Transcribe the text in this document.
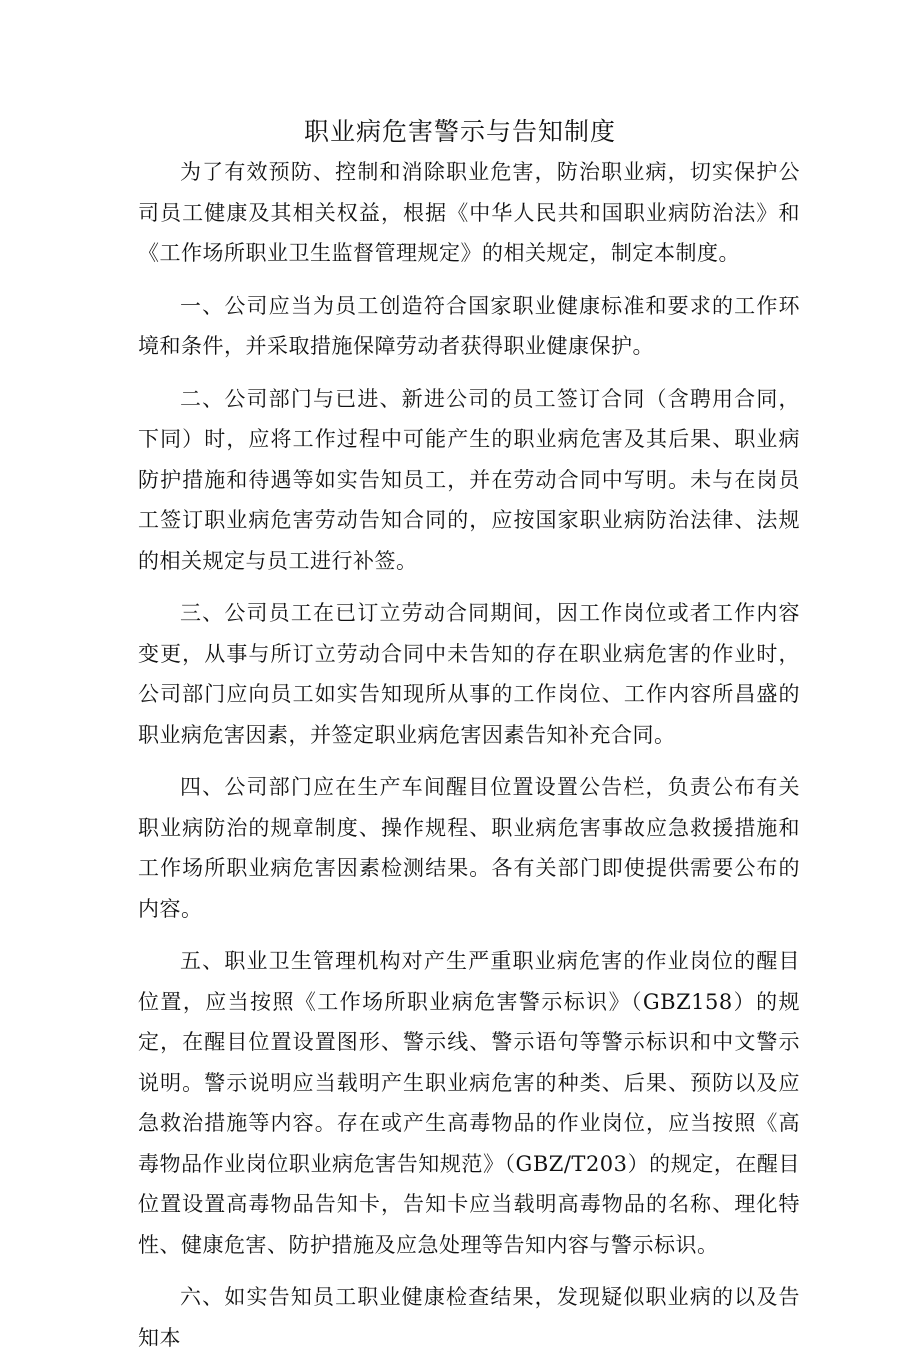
职业病危害警示与告知制度

为了有效预防、控制和消除职业危害，防治职业病，切实保护公司员工健康及其相关权益，根据《中华人民共和国职业病防治法》和《工作场所职业卫生监督管理规定》的相关规定，制定本制度。

一、公司应当为员工创造符合国家职业健康标准和要求的工作环境和条件，并采取措施保障劳动者获得职业健康保护。

二、公司部门与已进、新进公司的员工签订合同（含聘用合同，下同）时，应将工作过程中可能产生的职业病危害及其后果、职业病防护措施和待遇等如实告知员工，并在劳动合同中写明。未与在岗员工签订职业病危害劳动告知合同的，应按国家职业病防治法律、法规的相关规定与员工进行补签。

三、公司员工在已订立劳动合同期间，因工作岗位或者工作内容变更，从事与所订立劳动合同中未告知的存在职业病危害的作业时，公司部门应向员工如实告知现所从事的工作岗位、工作内容所昌盛的职业病危害因素，并签定职业病危害因素告知补充合同。

四、公司部门应在生产车间醒目位置设置公告栏，负责公布有关职业病防治的规章制度、操作规程、职业病危害事故应急救援措施和工作场所职业病危害因素检测结果。各有关部门即使提供需要公布的内容。

五、职业卫生管理机构对产生严重职业病危害的作业岗位的醒目位置，应当按照《工作场所职业病危害警示标识》（GBZ158）的规定，在醒目位置设置图形、警示线、警示语句等警示标识和中文警示说明。警示说明应当载明产生职业病危害的种类、后果、预防以及应急救治措施等内容。存在或产生高毒物品的作业岗位，应当按照《高毒物品作业岗位职业病危害告知规范》（GBZ/T203）的规定，在醒目位置设置高毒物品告知卡，告知卡应当载明高毒物品的名称、理化特性、健康危害、防护措施及应急处理等告知内容与警示标识。

六、如实告知员工职业健康检查结果，发现疑似职业病的以及告知本
